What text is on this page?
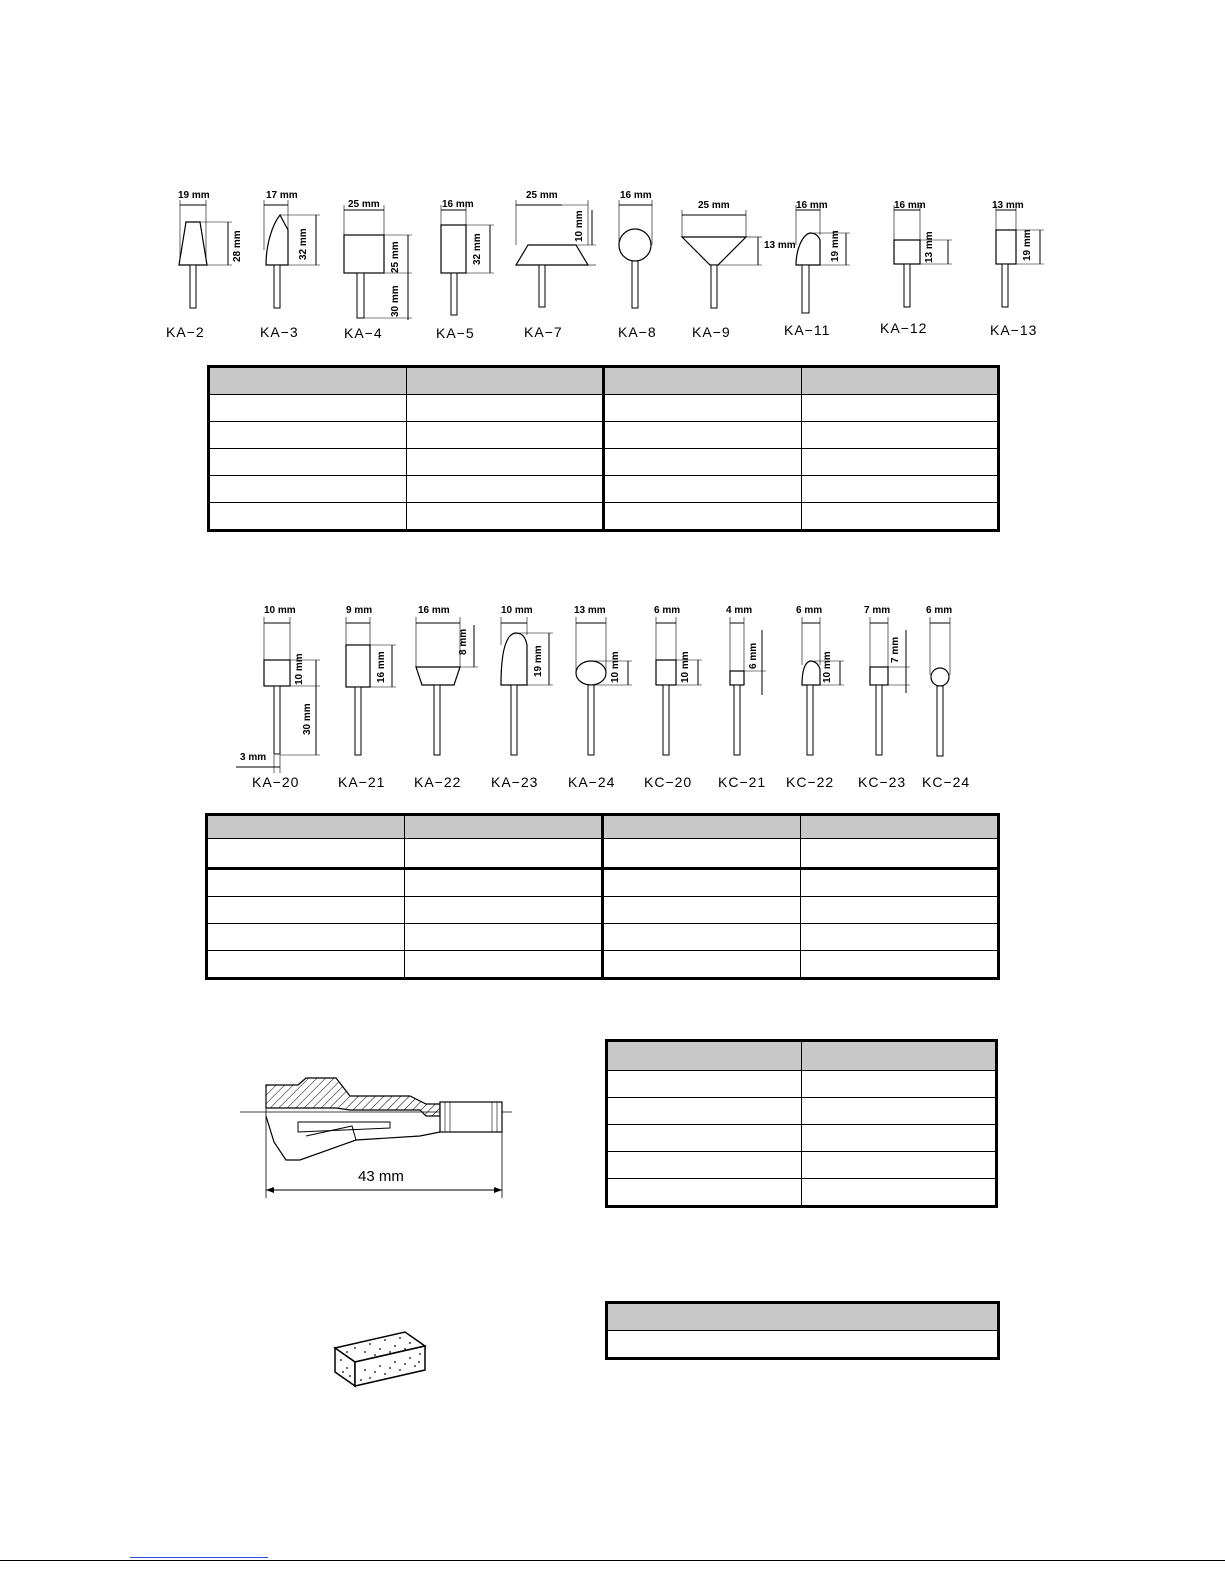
19 mm
28 mm
KA−2
17 mm
32 mm
KA−3
25 mm
25 mm
30 mm
KA−4
16 mm
32 mm
KA−5
25 mm
10 mm
KA−7
16 mm
KA−8
25 mm
13 mm
KA−9
16 mm
19 mm
KA−11
16 mm
13 mm
KA−12
13 mm
19 mm
KA−13

10 mm
10 mm
30 mm
3 mm
KA−20
9 mm
16 mm
KA−21
16 mm
8 mm
KA−22
10 mm
19 mm
KA−23
13 mm
10 mm
KA−24
6 mm
10 mm
KC−20
4 mm
6 mm
KC−21
6 mm
10 mm
KC−22
7 mm
7 mm
KC−23
6 mm
KC−24

43 mm
